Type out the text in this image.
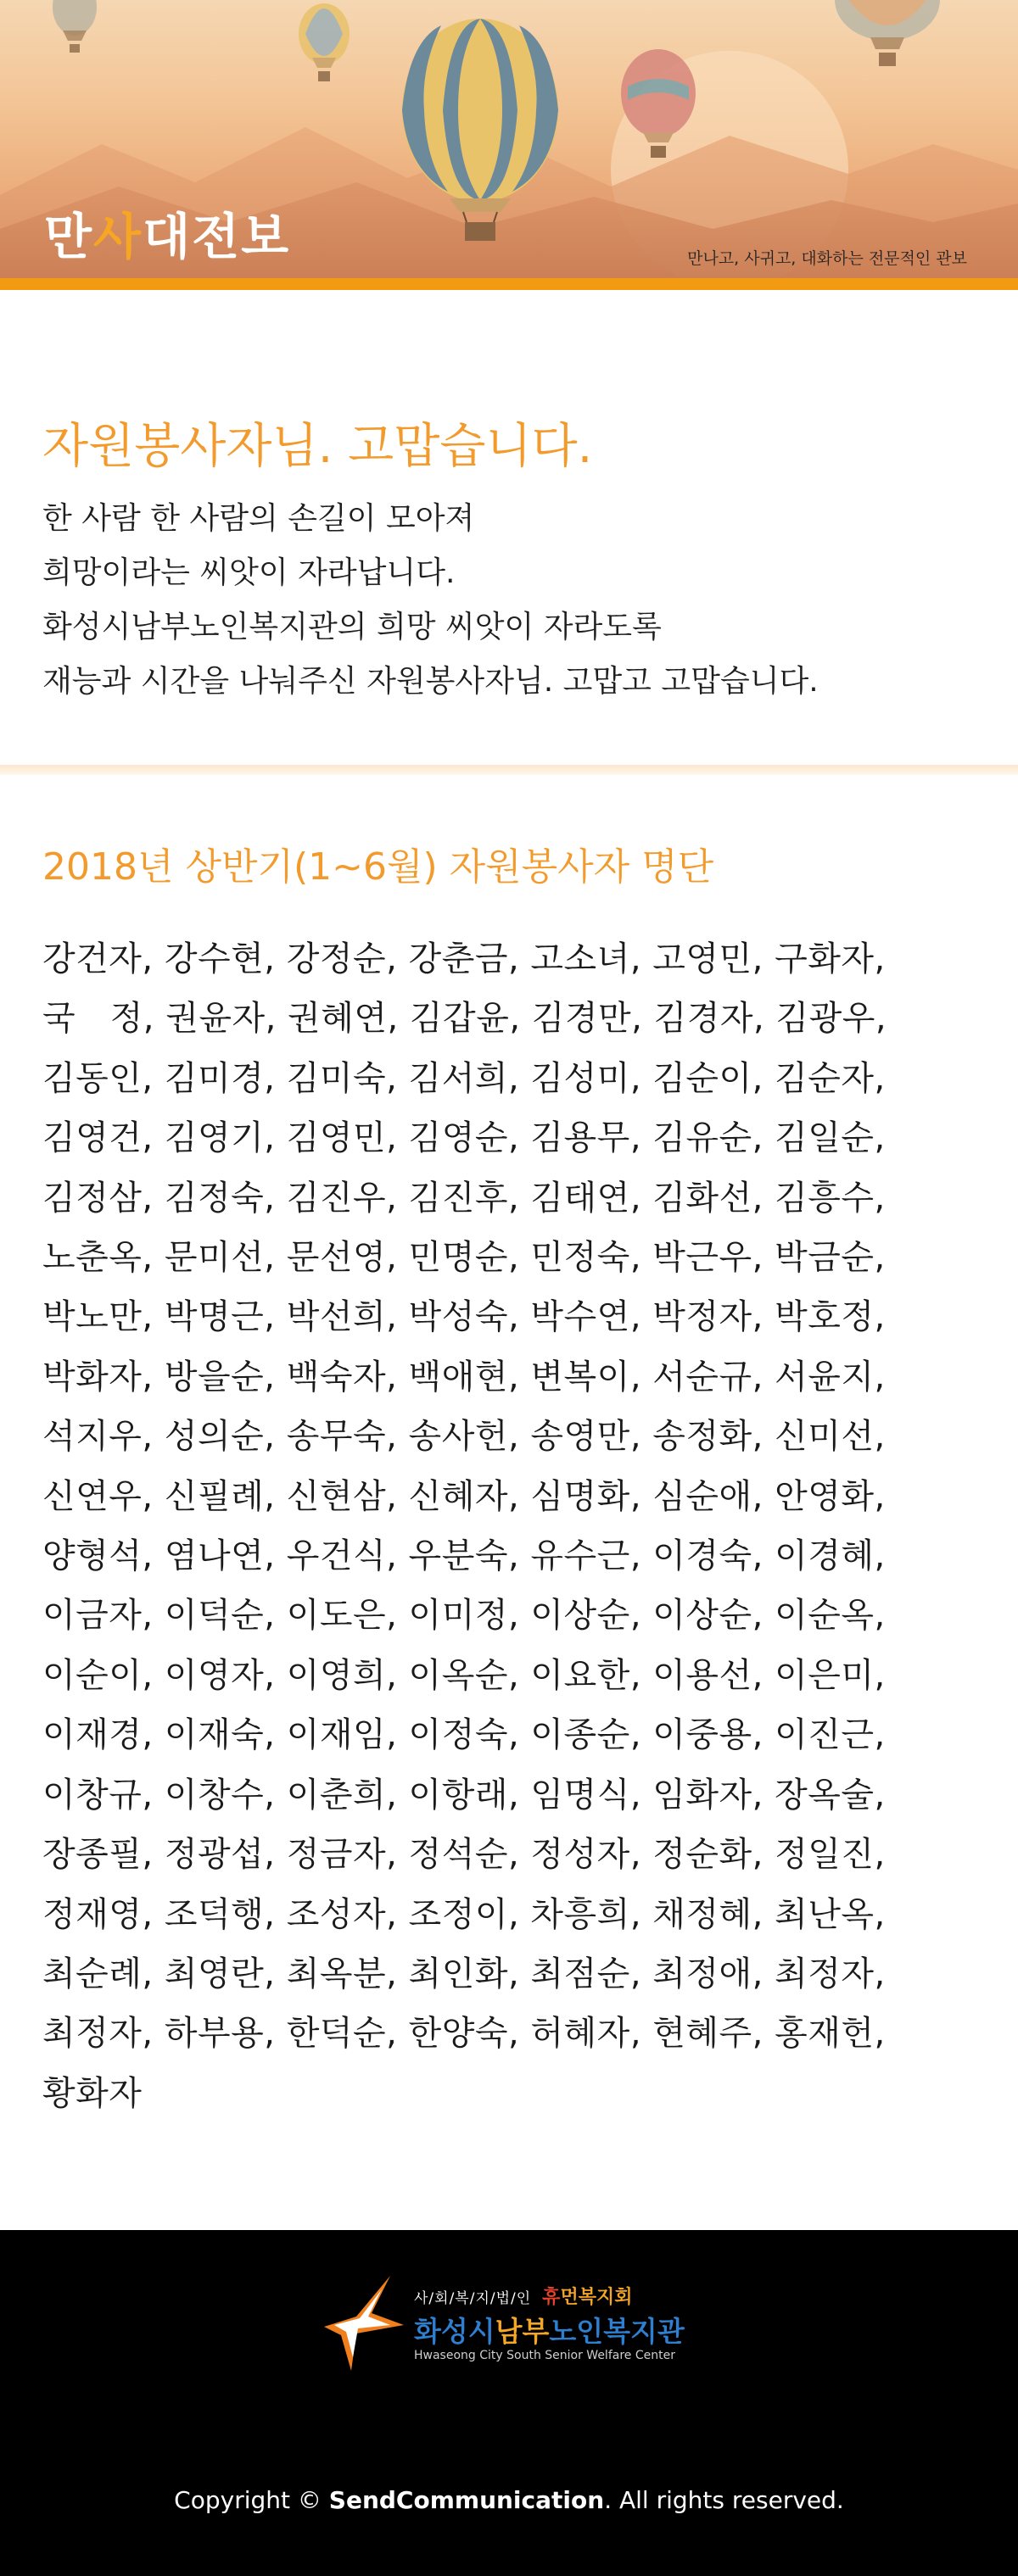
만사대전보	만나고, 사귀고, 대화하는 전문적인 관보
자원봉사자님. 고맙습니다.
한 사람 한 사람의 손길이 모아져
희망이라는 씨앗이 자라납니다.
화성시남부노인복지관의 희망 씨앗이 자라도록
재능과 시간을 나눠주신 자원봉사자님. 고맙고 고맙습니다.
2018년 상반기(1~6월) 자원봉사자 명단
강건자, 강수현, 강정순, 강춘금, 고소녀, 고영민, 구화자,
국　정, 권윤자, 권혜연, 김갑윤, 김경만, 김경자, 김광우,
김동인, 김미경, 김미숙, 김서희, 김성미, 김순이, 김순자,
김영건, 김영기, 김영민, 김영순, 김용무, 김유순, 김일순,
김정삼, 김정숙, 김진우, 김진후, 김태연, 김화선, 김흥수,
노춘옥, 문미선, 문선영, 민명순, 민정숙, 박근우, 박금순,
박노만, 박명근, 박선희, 박성숙, 박수연, 박정자, 박호정,
박화자, 방을순, 백숙자, 백애현, 변복이, 서순규, 서윤지,
석지우, 성의순, 송무숙, 송사헌, 송영만, 송정화, 신미선,
신연우, 신필례, 신현삼, 신혜자, 심명화, 심순애, 안영화,
양형석, 염나연, 우건식, 우분숙, 유수근, 이경숙, 이경혜,
이금자, 이덕순, 이도은, 이미정, 이상순, 이상순, 이순옥,
이순이, 이영자, 이영희, 이옥순, 이요한, 이용선, 이은미,
이재경, 이재숙, 이재임, 이정숙, 이종순, 이중용, 이진근,
이창규, 이창수, 이춘희, 이항래, 임명식, 임화자, 장옥술,
장종필, 정광섭, 정금자, 정석순, 정성자, 정순화, 정일진,
정재영, 조덕행, 조성자, 조정이, 차흥희, 채정혜, 최난옥,
최순례, 최영란, 최옥분, 최인화, 최점순, 최정애, 최정자,
최정자, 하부용, 한덕순, 한양숙, 허혜자, 현혜주, 홍재헌,
황화자
사/회/복/지/법/인 휴먼복지회
화성시남부노인복지관
Hwaseong City South Senior Welfare Center
Copyright © SendCommunication. All rights reserved.
